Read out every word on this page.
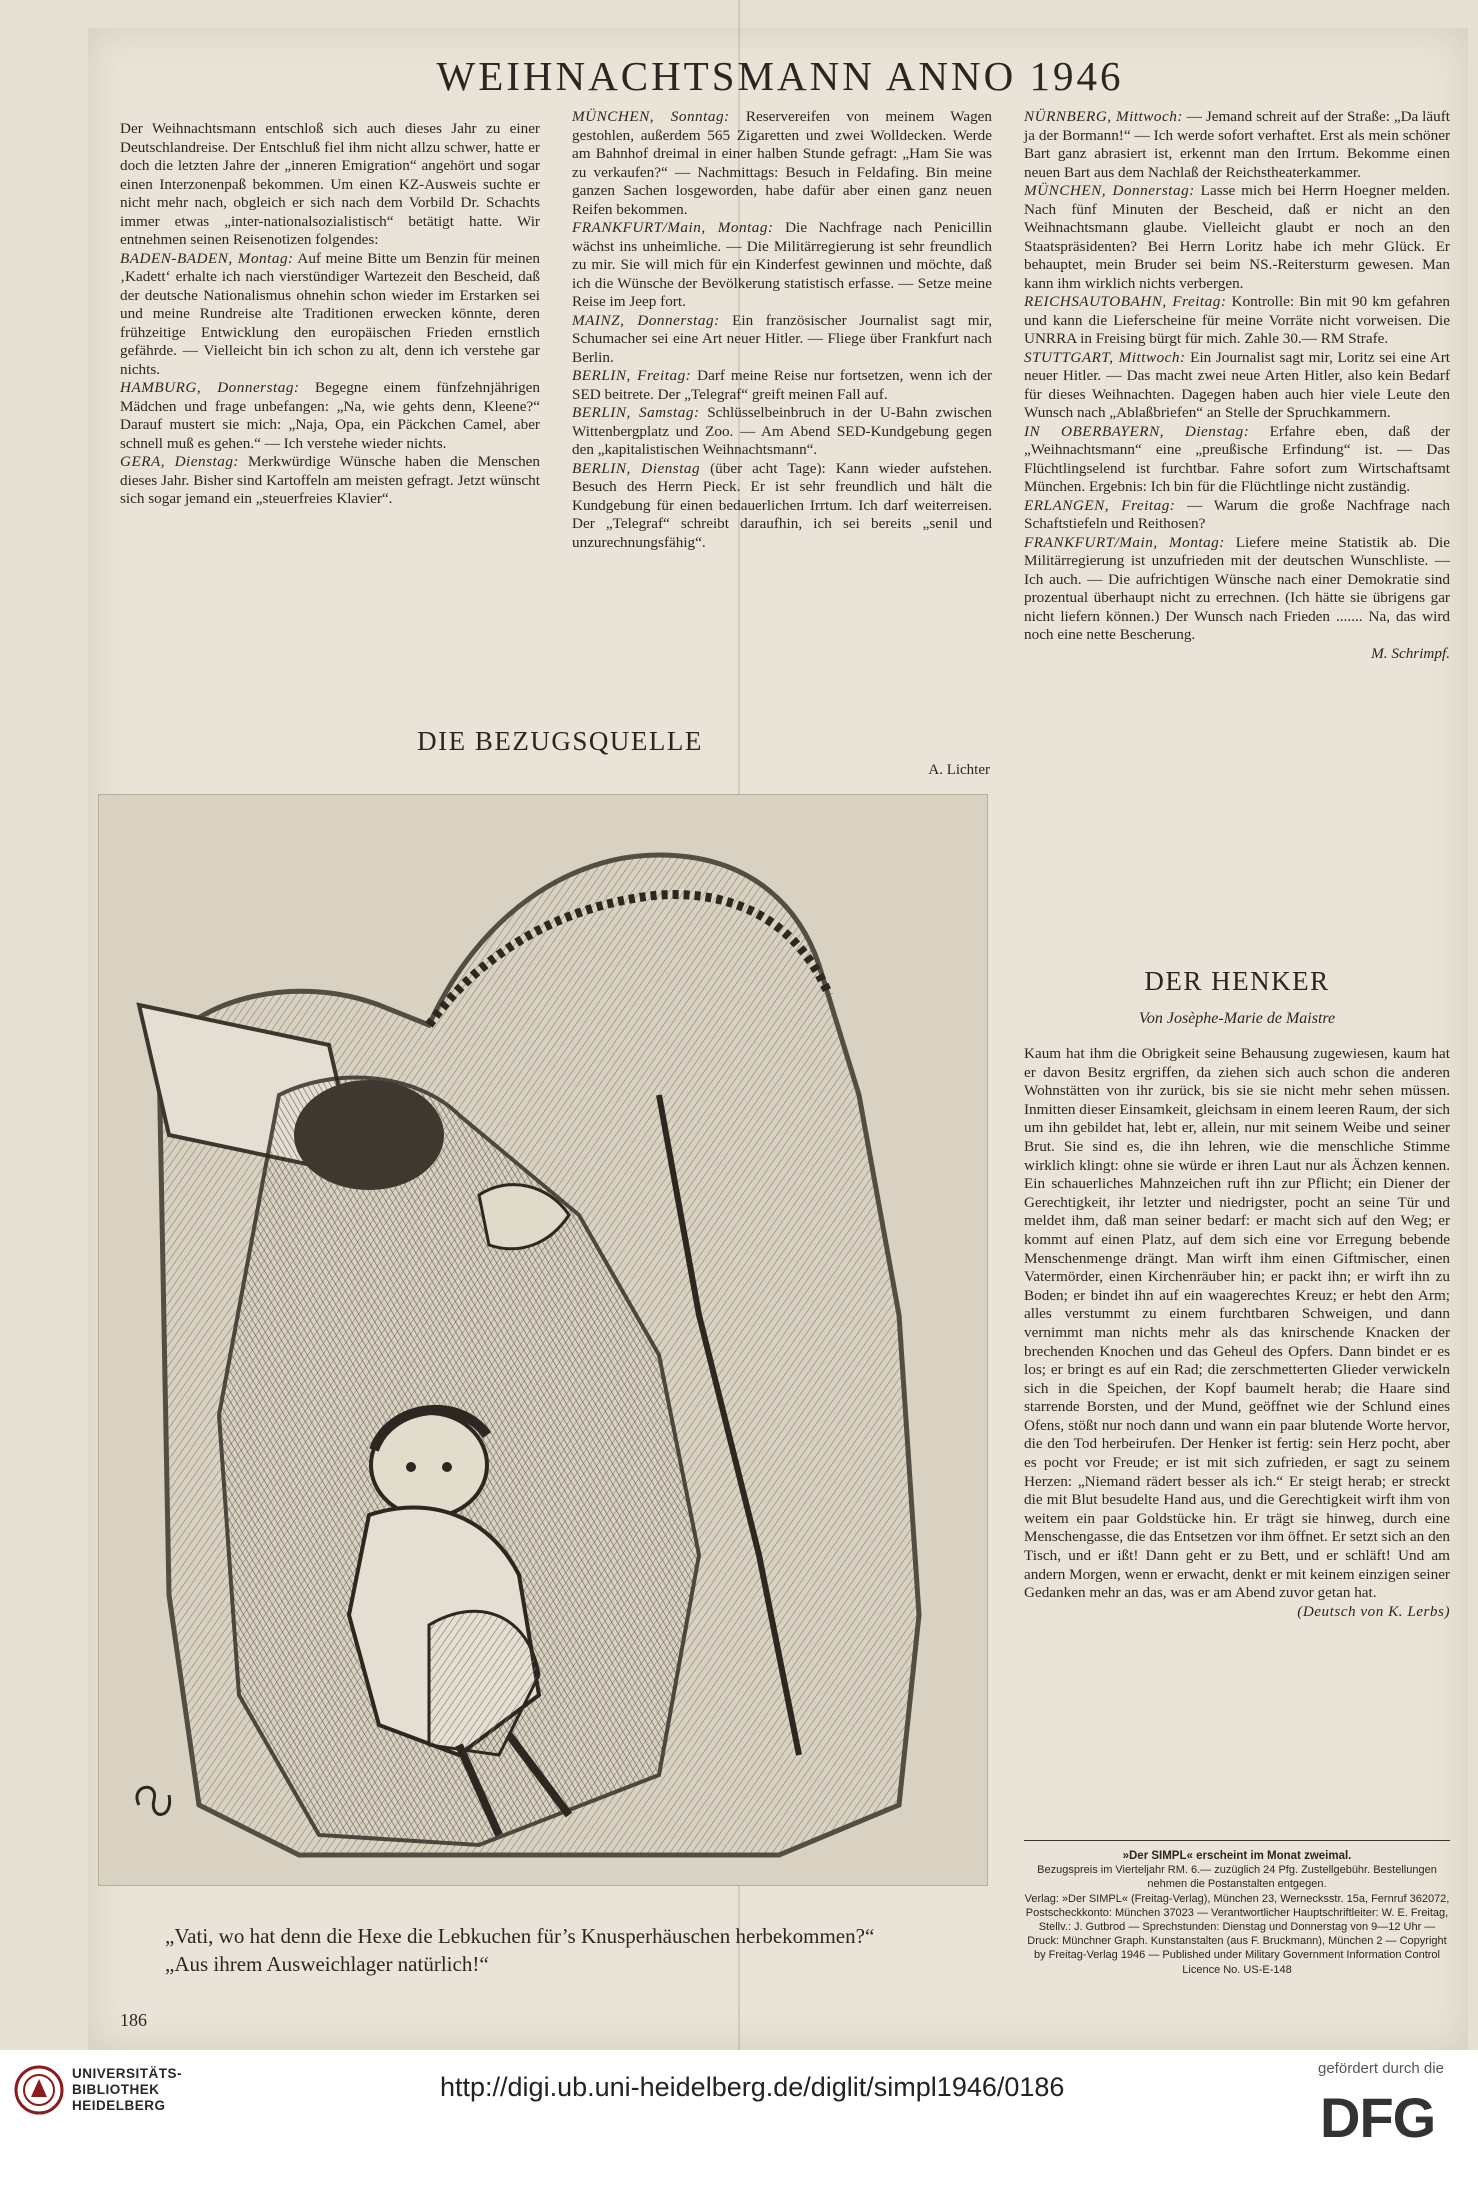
WEIHNACHTSMANN ANNO 1946

Der Weihnachtsmann entschloß sich auch dieses Jahr zu einer Deutschlandreise. Der Entschluß fiel ihm nicht allzu schwer, hatte er doch die letzten Jahre der „inneren Emigration“ angehört und sogar einen Interzonenpaß bekommen. Um einen KZ-Ausweis suchte er nicht mehr nach, obgleich er sich nach dem Vorbild Dr. Schachts immer etwas „inter-nationalsozialistisch“ betätigt hatte. Wir entnehmen seinen Reisenotizen folgendes:

BADEN-BADEN, Montag: Auf meine Bitte um Benzin für meinen ‚Kadett‘ erhalte ich nach vierstündiger Wartezeit den Bescheid, daß der deutsche Nationalismus ohnehin schon wieder im Erstarken sei und meine Rundreise alte Traditionen erwecken könnte, deren frühzeitige Entwicklung den europäischen Frieden ernstlich gefährde. — Vielleicht bin ich schon zu alt, denn ich verstehe gar nichts.

HAMBURG, Donnerstag: Begegne einem fünfzehnjährigen Mädchen und frage unbefangen: „Na, wie gehts denn, Kleene?“ Darauf mustert sie mich: „Naja, Opa, ein Päckchen Camel, aber schnell muß es gehen.“ — Ich verstehe wieder nichts.

GERA, Dienstag: Merkwürdige Wünsche haben die Menschen dieses Jahr. Bisher sind Kartoffeln am meisten gefragt. Jetzt wünscht sich sogar jemand ein „steuerfreies Klavier“.

MÜNCHEN, Sonntag: Reservereifen von meinem Wagen gestohlen, außerdem 565 Zigaretten und zwei Wolldecken. Werde am Bahnhof dreimal in einer halben Stunde gefragt: „Ham Sie was zu verkaufen?“ — Nachmittags: Besuch in Feldafing. Bin meine ganzen Sachen losgeworden, habe dafür aber einen ganz neuen Reifen bekommen.

FRANKFURT/Main, Montag: Die Nachfrage nach Penicillin wächst ins unheimliche. — Die Militärregierung ist sehr freundlich zu mir. Sie will mich für ein Kinderfest gewinnen und möchte, daß ich die Wünsche der Bevölkerung statistisch erfasse. — Setze meine Reise im Jeep fort.

MAINZ, Donnerstag: Ein französischer Journalist sagt mir, Schumacher sei eine Art neuer Hitler. — Fliege über Frankfurt nach Berlin.

BERLIN, Freitag: Darf meine Reise nur fortsetzen, wenn ich der SED beitrete. Der „Telegraf“ greift meinen Fall auf.

BERLIN, Samstag: Schlüsselbeinbruch in der U-Bahn zwischen Wittenbergplatz und Zoo. — Am Abend SED-Kundgebung gegen den „kapitalistischen Weihnachtsmann“.

BERLIN, Dienstag (über acht Tage): Kann wieder aufstehen. Besuch des Herrn Pieck. Er ist sehr freundlich und hält die Kundgebung für einen bedauerlichen Irrtum. Ich darf weiterreisen. Der „Telegraf“ schreibt daraufhin, ich sei bereits „senil und unzurechnungsfähig“.

NÜRNBERG, Mittwoch: — Jemand schreit auf der Straße: „Da läuft ja der Bormann!“ — Ich werde sofort verhaftet. Erst als mein schöner Bart ganz abrasiert ist, erkennt man den Irrtum. Bekomme einen neuen Bart aus dem Nachlaß der Reichstheaterkammer.

MÜNCHEN, Donnerstag: Lasse mich bei Herrn Hoegner melden. Nach fünf Minuten der Bescheid, daß er nicht an den Weihnachtsmann glaube. Vielleicht glaubt er noch an den Staatspräsidenten? Bei Herrn Loritz habe ich mehr Glück. Er behauptet, mein Bruder sei beim NS.-Reitersturm gewesen. Man kann ihm wirklich nichts verbergen.

REICHSAUTOBAHN, Freitag: Kontrolle: Bin mit 90 km gefahren und kann die Lieferscheine für meine Vorräte nicht vorweisen. Die UNRRA in Freising bürgt für mich. Zahle 30.— RM Strafe.

STUTTGART, Mittwoch: Ein Journalist sagt mir, Loritz sei eine Art neuer Hitler. — Das macht zwei neue Arten Hitler, also kein Bedarf für dieses Weihnachten. Dagegen haben auch hier viele Leute den Wunsch nach „Ablaßbriefen“ an Stelle der Spruchkammern.

IN OBERBAYERN, Dienstag: Erfahre eben, daß der „Weihnachtsmann“ eine „preußische Erfindung“ ist. — Das Flüchtlingselend ist furchtbar. Fahre sofort zum Wirtschaftsamt München. Ergebnis: Ich bin für die Flüchtlinge nicht zuständig.

ERLANGEN, Freitag: — Warum die große Nachfrage nach Schaftstiefeln und Reithosen?

FRANKFURT/Main, Montag: Liefere meine Statistik ab. Die Militärregierung ist unzufrieden mit der deutschen Wunschliste. — Ich auch. — Die aufrichtigen Wünsche nach einer Demokratie sind prozentual überhaupt nicht zu errechnen. (Ich hätte sie übrigens gar nicht liefern können.) Der Wunsch nach Frieden ....... Na, das wird noch eine nette Bescherung.

M. Schrimpf.

DIE BEZUGSQUELLE
A. Lichter
„Vati, wo hat denn die Hexe die Lebkuchen für’s Knusperhäuschen herbekommen?“
„Aus ihrem Ausweichlager natürlich!“
DER HENKER
Von Josèphe-Marie de Maistre

Kaum hat ihm die Obrigkeit seine Behausung zugewiesen, kaum hat er davon Besitz ergriffen, da ziehen sich auch schon die anderen Wohnstätten von ihr zurück, bis sie sie nicht mehr sehen müssen. Inmitten dieser Einsamkeit, gleichsam in einem leeren Raum, der sich um ihn gebildet hat, lebt er, allein, nur mit seinem Weibe und seiner Brut. Sie sind es, die ihn lehren, wie die menschliche Stimme wirklich klingt: ohne sie würde er ihren Laut nur als Ächzen kennen. Ein schauerliches Mahnzeichen ruft ihn zur Pflicht; ein Diener der Gerechtigkeit, ihr letzter und niedrigster, pocht an seine Tür und meldet ihm, daß man seiner bedarf: er macht sich auf den Weg; er kommt auf einen Platz, auf dem sich eine vor Erregung bebende Menschenmenge drängt. Man wirft ihm einen Giftmischer, einen Vatermörder, einen Kirchenräuber hin; er packt ihn; er wirft ihn zu Boden; er bindet ihn auf ein waagerechtes Kreuz; er hebt den Arm; alles verstummt zu einem furchtbaren Schweigen, und dann vernimmt man nichts mehr als das knirschende Knacken der brechenden Knochen und das Geheul des Opfers. Dann bindet er es los; er bringt es auf ein Rad; die zerschmetterten Glieder verwickeln sich in die Speichen, der Kopf baumelt herab; die Haare sind starrende Borsten, und der Mund, geöffnet wie der Schlund eines Ofens, stößt nur noch dann und wann ein paar blutende Worte hervor, die den Tod herbeirufen. Der Henker ist fertig: sein Herz pocht, aber es pocht vor Freude; er ist mit sich zufrieden, er sagt zu seinem Herzen: „Niemand rädert besser als ich.“ Er steigt herab; er streckt die mit Blut besudelte Hand aus, und die Gerechtigkeit wirft ihm von weitem ein paar Goldstücke hin. Er trägt sie hinweg, durch eine Menschengasse, die das Entsetzen vor ihm öffnet. Er setzt sich an den Tisch, und er ißt! Dann geht er zu Bett, und er schläft! Und am andern Morgen, wenn er erwacht, denkt er mit keinem einzigen seiner Gedanken mehr an das, was er am Abend zuvor getan hat.
(Deutsch von K. Lerbs)

»Der SIMPL« erscheint im Monat zweimal.
Bezugspreis im Vierteljahr RM. 6.— zuzüglich 24 Pfg. Zustellgebühr. Bestellungen nehmen die Postanstalten entgegen.
Verlag: »Der SIMPL« (Freitag-Verlag), München 23, Wernecksstr. 15a, Fernruf 362072, Postscheckkonto: München 37023 — Verantwortlicher Hauptschriftleiter: W. E. Freitag, Stellv.: J. Gutbrod — Sprechstunden: Dienstag und Donnerstag von 9—12 Uhr — Druck: Münchner Graph. Kunstanstalten (aus F. Bruckmann), München 2 — Copyright by Freitag-Verlag 1946 — Published under Military Government Information Control Licence No. US-E-148
186
UNIVERSITÄTS-
BIBLIOTHEK
HEIDELBERG
http://digi.ub.uni-heidelberg.de/diglit/simpl1946/0186
gefördert durch die
DFG
